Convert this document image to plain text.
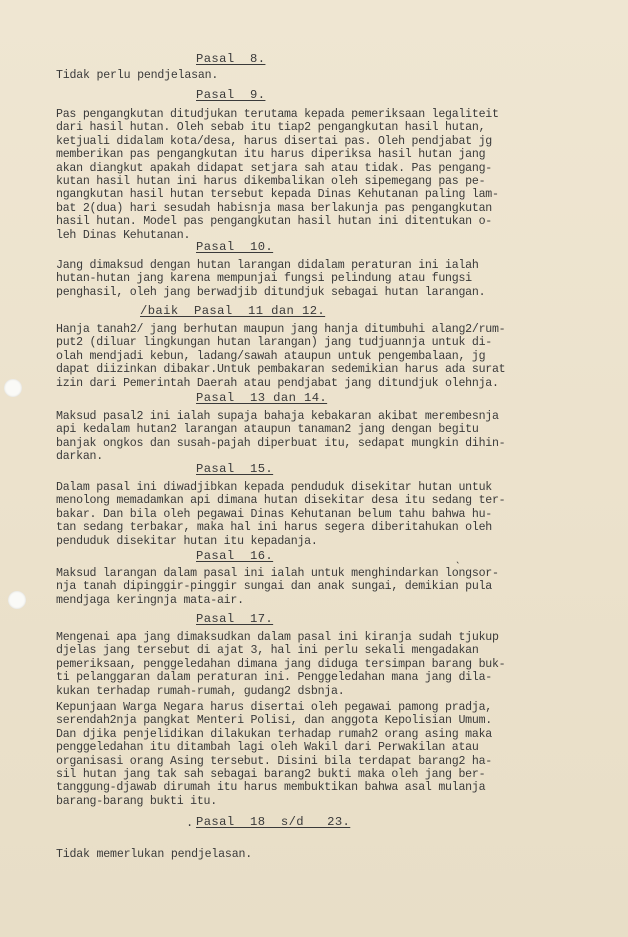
Pasal  8.
Tidak perlu pendjelasan.
Pasal  9.
Pas pengangkutan ditudjukan terutama kepada pemeriksaan legaliteit
dari hasil hutan. Oleh sebab itu tiap2 pengangkutan hasil hutan,
ketjuali didalam kota/desa, harus disertai pas. Oleh pendjabat jg
memberikan pas pengangkutan itu harus diperiksa hasil hutan jang
akan diangkut apakah didapat setjara sah atau tidak. Pas pengang-
kutan hasil hutan ini harus dikembalikan oleh sipemegang pas pe-
ngangkutan hasil hutan tersebut kepada Dinas Kehutanan paling lam-
bat 2(dua) hari sesudah habisnja masa berlakunja pas pengangkutan
hasil hutan. Model pas pengangkutan hasil hutan ini ditentukan o-
leh Dinas Kehutanan.
Pasal  10.
Jang dimaksud dengan hutan larangan didalam peraturan ini ialah
hutan-hutan jang karena mempunjai fungsi pelindung atau fungsi
penghasil, oleh jang berwadjib ditundjuk sebagai hutan larangan.
/baik  Pasal  11 dan 12.
Hanja tanah2/ jang berhutan maupun jang hanja ditumbuhi alang2/rum-
put2 (diluar lingkungan hutan larangan) jang tudjuannja untuk di-
olah mendjadi kebun, ladang/sawah ataupun untuk pengembalaan, jg
dapat diizinkan dibakar.Untuk pembakaran sedemikian harus ada surat
izin dari Pemerintah Daerah atau pendjabat jang ditundjuk olehnja.
Pasal  13 dan 14.
Maksud pasal2 ini ialah supaja bahaja kebakaran akibat merembesnja
api kedalam hutan2 larangan ataupun tanaman2 jang dengan begitu
banjak ongkos dan susah-pajah diperbuat itu, sedapat mungkin dihin-
darkan.
Pasal  15.
Dalam pasal ini diwadjibkan kepada penduduk disekitar hutan untuk
menolong memadamkan api dimana hutan disekitar desa itu sedang ter-
bakar. Dan bila oleh pegawai Dinas Kehutanan belum tahu bahwa hu-
tan sedang terbakar, maka hal ini harus segera diberitahukan oleh
penduduk disekitar hutan itu kepadanja.
Pasal  16.	ˎ
Maksud larangan dalam pasal ini ialah untuk menghindarkan longsor-
nja tanah dipinggir-pinggir sungai dan anak sungai, demikian pula
mendjaga keringnja mata-air.
Pasal  17.
Mengenai apa jang dimaksudkan dalam pasal ini kiranja sudah tjukup
djelas jang tersebut di ajat 3, hal ini perlu sekali mengadakan
pemeriksaan, penggeledahan dimana jang diduga tersimpan barang buk-
ti pelanggaran dalam peraturan ini. Penggeledahan mana jang dila-
kukan terhadap rumah-rumah, gudang2 dsbnja.
Kepunjaan Warga Negara harus disertai oleh pegawai pamong pradja,
serendah2nja pangkat Menteri Polisi, dan anggota Kepolisian Umum.
Dan djika penjelidikan dilakukan terhadap rumah2 orang asing maka
penggeledahan itu ditambah lagi oleh Wakil dari Perwakilan atau
organisasi orang Asing tersebut. Disini bila terdapat barang2 ha-
sil hutan jang tak sah sebagai barang2 bukti maka oleh jang ber-
tanggung-djawab dirumah itu harus membuktikan bahwa asal mulanja
barang-barang bukti itu.
. Pasal  18  s/d   23.
Tidak memerlukan pendjelasan.
